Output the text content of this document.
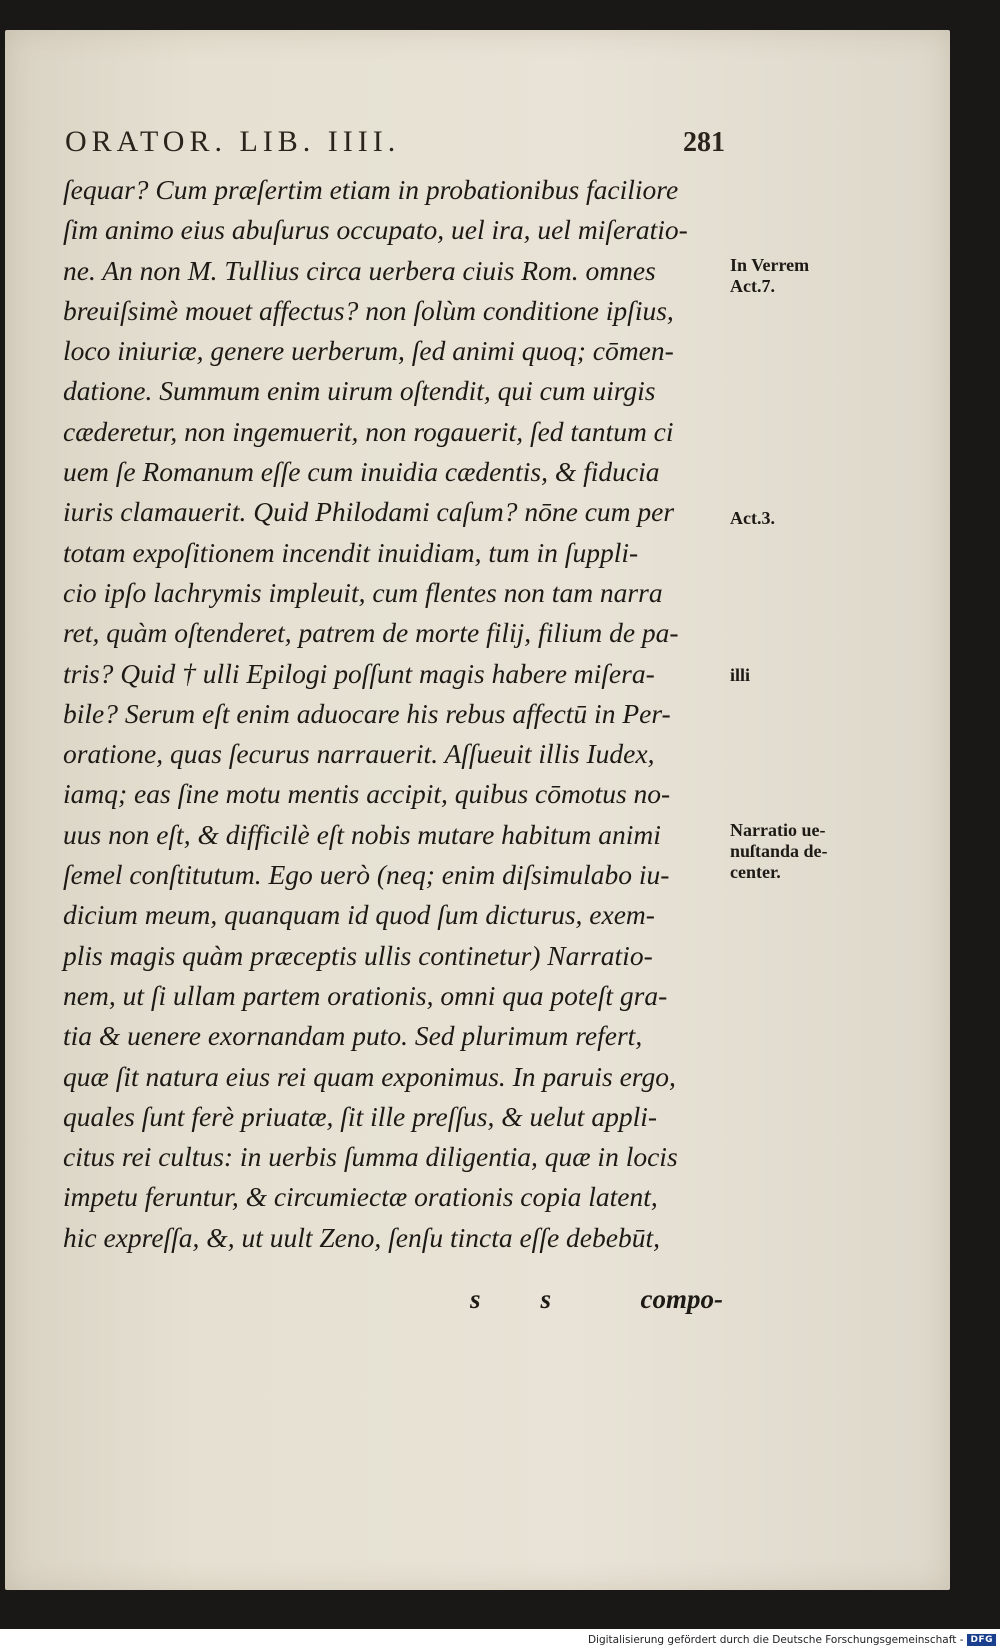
ORATOR. LIB. IIII.	281
ſequar? Cum præſertim etiam in probationibus faciliore
ſim animo eius abuſurus occupato, uel ira, uel miſeratio-
ne. An non M. Tullius circa uerbera ciuis Rom. omnes
breuiſsimè mouet affectus? non ſolùm conditione ipſius,
loco iniuriæ, genere uerberum, ſed animi quoq; cōmen-
datione. Summum enim uirum oſtendit, qui cum uirgis
cæderetur, non ingemuerit, non rogauerit, ſed tantum ci
uem ſe Romanum eſſe cum inuidia cædentis, & fiducia
iuris clamauerit. Quid Philodami caſum? nōne cum per
totam expoſitionem incendit inuidiam, tum in ſuppli-
cio ipſo lachrymis impleuit, cum flentes non tam narra
ret, quàm oſtenderet, patrem de morte filij, filium de pa-
tris? Quid † ulli Epilogi poſſunt magis habere miſera-
bile? Serum eſt enim aduocare his rebus affectū in Per-
oratione, quas ſecurus narrauerit. Aſſueuit illis Iudex,
iamq; eas ſine motu mentis accipit, quibus cōmotus no-
uus non eſt, & difficilè eſt nobis mutare habitum animi
ſemel conſtitutum. Ego uerò (neq; enim diſsimulabo iu-
dicium meum, quanquam id quod ſum dicturus, exem-
plis magis quàm præceptis ullis continetur) Narratio-
nem, ut ſi ullam partem orationis, omni qua poteſt gra-
tia & uenere exornandam puto. Sed plurimum refert,
quæ ſit natura eius rei quam exponimus. In paruis ergo,
quales ſunt ferè priuatæ, ſit ille preſſus, & uelut appli-
citus rei cultus: in uerbis ſumma diligentia, quæ in locis
impetu feruntur, & circumiectæ orationis copia latent,
hic expreſſa, &, ut uult Zeno, ſenſu tincta eſſe debebūt,
s s	compo-
In Verrem
Act.7.
Act.3.
illi
Narratio ue-
nuſtanda de-
center.
Digitalisierung gefördert durch die Deutsche Forschungsgemeinschaft - DFG
